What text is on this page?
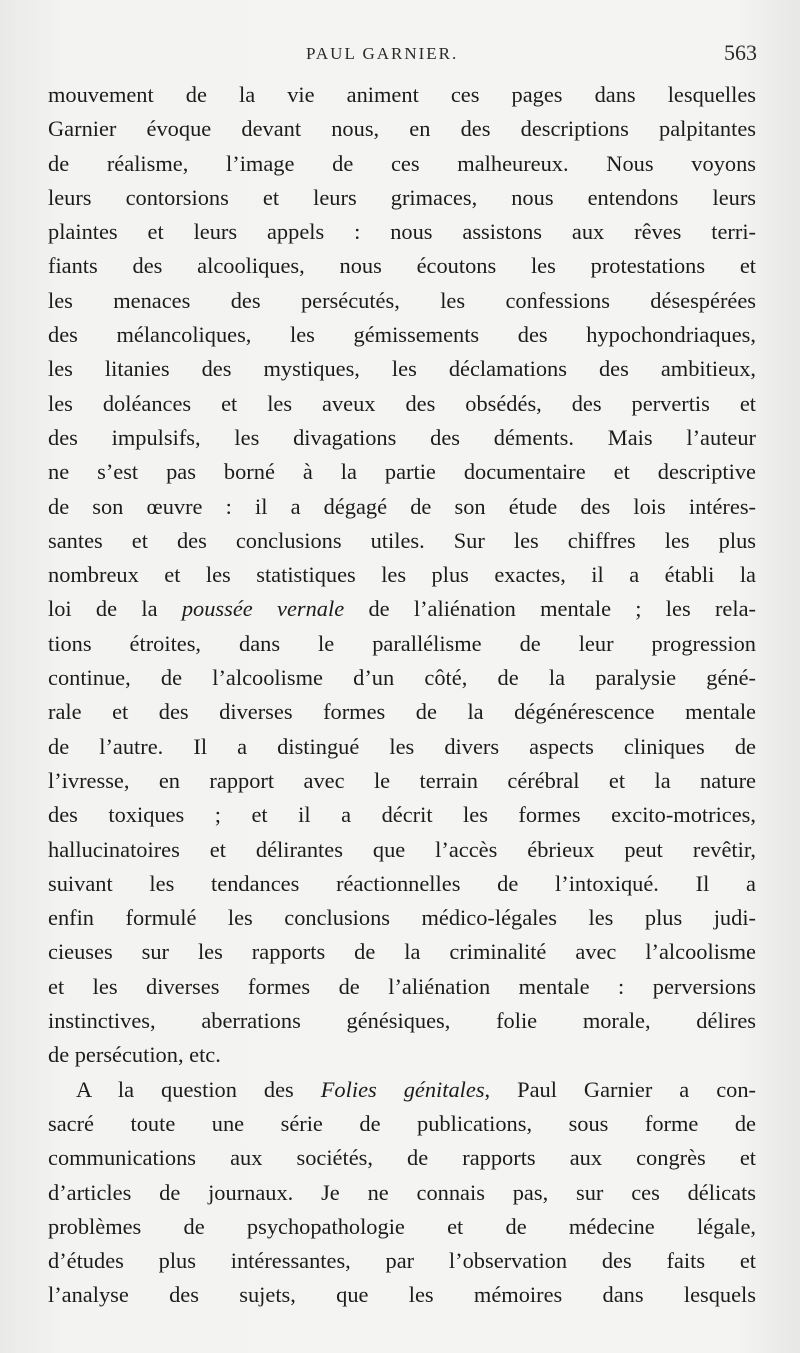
PAUL GARNIER.	563
mouvement de la vie animent ces pages dans lesquelles
Garnier évoque devant nous, en des descriptions palpitantes
de réalisme, l’image de ces malheureux. Nous voyons
leurs contorsions et leurs grimaces, nous entendons leurs
plaintes et leurs appels : nous assistons aux rêves terri-
fiants des alcooliques, nous écoutons les protestations et
les menaces des persécutés, les confessions désespérées
des mélancoliques, les gémissements des hypochondriaques,
les litanies des mystiques, les déclamations des ambitieux,
les doléances et les aveux des obsédés, des pervertis et
des impulsifs, les divagations des déments. Mais l’auteur
ne s’est pas borné à la partie documentaire et descriptive
de son œuvre : il a dégagé de son étude des lois intéres-
santes et des conclusions utiles. Sur les chiffres les plus
nombreux et les statistiques les plus exactes, il a établi la
loi de la poussée vernale de l’aliénation mentale ; les rela-
tions étroites, dans le parallélisme de leur progression
continue, de l’alcoolisme d’un côté, de la paralysie géné-
rale et des diverses formes de la dégénérescence mentale
de l’autre. Il a distingué les divers aspects cliniques de
l’ivresse, en rapport avec le terrain cérébral et la nature
des toxiques ; et il a décrit les formes excito-motrices,
hallucinatoires et délirantes que l’accès ébrieux peut revêtir,
suivant les tendances réactionnelles de l’intoxiqué. Il a
enfin formulé les conclusions médico-légales les plus judi-
cieuses sur les rapports de la criminalité avec l’alcoolisme
et les diverses formes de l’aliénation mentale : perversions
instinctives, aberrations génésiques, folie morale, délires
de persécution, etc.
A la question des Folies génitales, Paul Garnier a con-
sacré toute une série de publications, sous forme de
communications aux sociétés, de rapports aux congrès et
d’articles de journaux. Je ne connais pas, sur ces délicats
problèmes de psychopathologie et de médecine légale,
d’études plus intéressantes, par l’observation des faits et
l’analyse des sujets, que les mémoires dans lesquels
